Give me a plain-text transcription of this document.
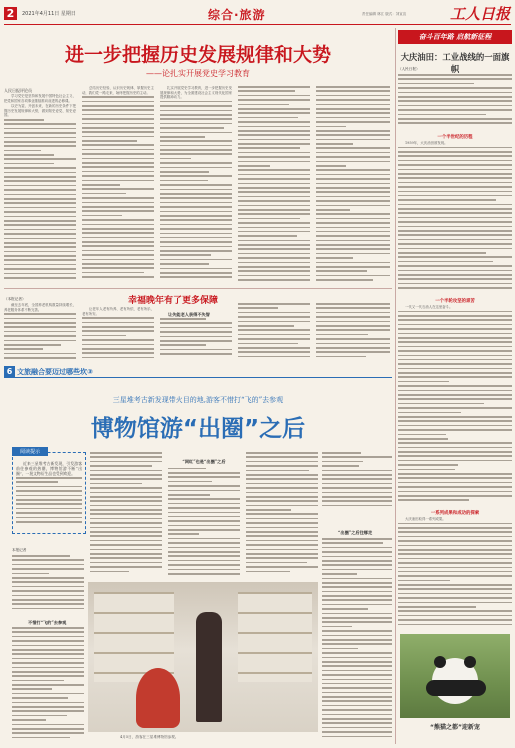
2	2021年4月11日 星期日	综合·旅游	责任编辑 林江 版式：刘宣宣	工人日报
进一步把握历史发展规律和大势
——论扎实开展党史学习教育
人民日报评论员

学习党史是坚持和发展中国特色社会主义、把党和国家各项事业继续推向前进的必修课。

以史为鉴、开创未来，在新的历史条件下把握历史发展规律和大势，做到知史爱党、知史爱国。

总结历史经验、认识历史规律、掌握历史主动，我们党一路走来，始终把握历史的主动。

扎实开展党史学习教育，进一步把握历史发展规律和大势，为全面建设社会主义现代化国家提供精神动力。

幸福晚年有了更多保障
（本报记者）

截至去年底，全国养老机构数量持续增长，养老服务体系不断完善。	让老年人老有所养、老有所依、老有所乐、老有所安。	让失能老人获得不失智
6 文旅融合要迈过哪些坎③
三星堆考古新发现带火目的地,游客不惜打“飞的”去参观
博物馆游“出圈”之后
阅读提示

近来三星堆考古新发现，引发游客前往参观的热潮，博物馆游不断“出圈”，一批文物衍生品也受到欢迎。

本报记者
不惜打“飞的”去参观
“网红”也是“出圈”之后
“出圈”之后往哪走
4月5日，游客在三星堆博物馆参观。
奋斗百年路 启航新征程
大庆油田：工业战线的一面旗帜
（人民日报）
一个半世纪的历程

1959年，大庆油田被发现。

一个半轮攻坚的艰苦

一代又一代石油人在这里奋斗。

一系列成果和成功的探索

大庆油田取得一系列成果。

“熊猫之都”迎新宠
